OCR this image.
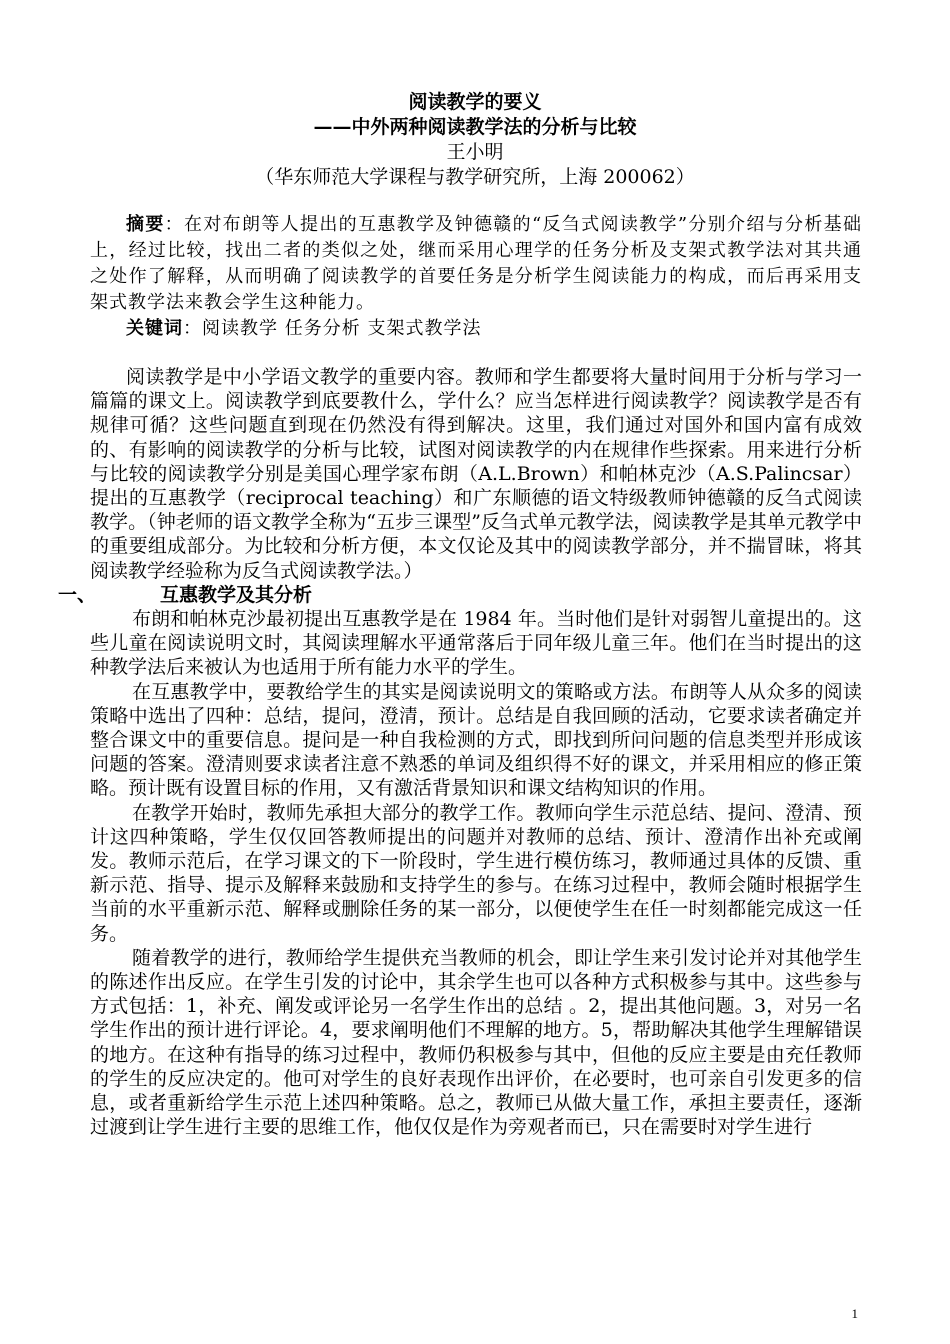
阅读教学的要义
——中外两种阅读教学法的分析与比较
王小明
（华东师范大学课程与教学研究所，上海 200062）

摘要：在对布朗等人提出的互惠教学及钟德赣的“反刍式阅读教学”分别介绍与分析基础上，经过比较，找出二者的类似之处，继而采用心理学的任务分析及支架式教学法对其共通之处作了解释，从而明确了阅读教学的首要任务是分析学生阅读能力的构成，而后再采用支架式教学法来教会学生这种能力。

关键词：阅读教学 任务分析 支架式教学法

阅读教学是中小学语文教学的重要内容。教师和学生都要将大量时间用于分析与学习一篇篇的课文上。阅读教学到底要教什么，学什么？应当怎样进行阅读教学？阅读教学是否有规律可循？这些问题直到现在仍然没有得到解决。这里，我们通过对国外和国内富有成效的、有影响的阅读教学的分析与比较，试图对阅读教学的内在规律作些探索。用来进行分析与比较的阅读教学分别是美国心理学家布朗（A.L.Brown）和帕林克沙（A.S.Palincsar）提出的互惠教学（reciprocal teaching）和广东顺德的语文特级教师钟德赣的反刍式阅读教学。（钟老师的语文教学全称为“五步三课型”反刍式单元教学法，阅读教学是其单元教学中的重要组成部分。为比较和分析方便，本文仅论及其中的阅读教学部分，并不揣冒昧，将其阅读教学经验称为反刍式阅读教学法。）

一、	互惠教学及其分析

布朗和帕林克沙最初提出互惠教学是在 1984 年。当时他们是针对弱智儿童提出的。这些儿童在阅读说明文时，其阅读理解水平通常落后于同年级儿童三年。他们在当时提出的这种教学法后来被认为也适用于所有能力水平的学生。

在互惠教学中，要教给学生的其实是阅读说明文的策略或方法。布朗等人从众多的阅读策略中选出了四种：总结，提问，澄清，预计。总结是自我回顾的活动，它要求读者确定并整合课文中的重要信息。提问是一种自我检测的方式，即找到所问问题的信息类型并形成该问题的答案。澄清则要求读者注意不熟悉的单词及组织得不好的课文，并采用相应的修正策略。预计既有设置目标的作用，又有激活背景知识和课文结构知识的作用。

在教学开始时，教师先承担大部分的教学工作。教师向学生示范总结、提问、澄清、预计这四种策略，学生仅仅回答教师提出的问题并对教师的总结、预计、澄清作出补充或阐发。教师示范后，在学习课文的下一阶段时，学生进行模仿练习，教师通过具体的反馈、重新示范、指导、提示及解释来鼓励和支持学生的参与。在练习过程中，教师会随时根据学生当前的水平重新示范、解释或删除任务的某一部分，以便使学生在任一时刻都能完成这一任务。

随着教学的进行，教师给学生提供充当教师的机会，即让学生来引发讨论并对其他学生的陈述作出反应。在学生引发的讨论中，其余学生也可以各种方式积极参与其中。这些参与方式包括：1，补充、阐发或评论另一名学生作出的总结 。2，提出其他问题。3，对另一名学生作出的预计进行评论。4，要求阐明他们不理解的地方。5，帮助解决其他学生理解错误的地方。在这种有指导的练习过程中，教师仍积极参与其中，但他的反应主要是由充任教师的学生的反应决定的。他可对学生的良好表现作出评价，在必要时，也可亲自引发更多的信息，或者重新给学生示范上述四种策略。总之，教师已从做大量工作，承担主要责任，逐渐过渡到让学生进行主要的思维工作，他仅仅是作为旁观者而已，只在需要时对学生进行

1
